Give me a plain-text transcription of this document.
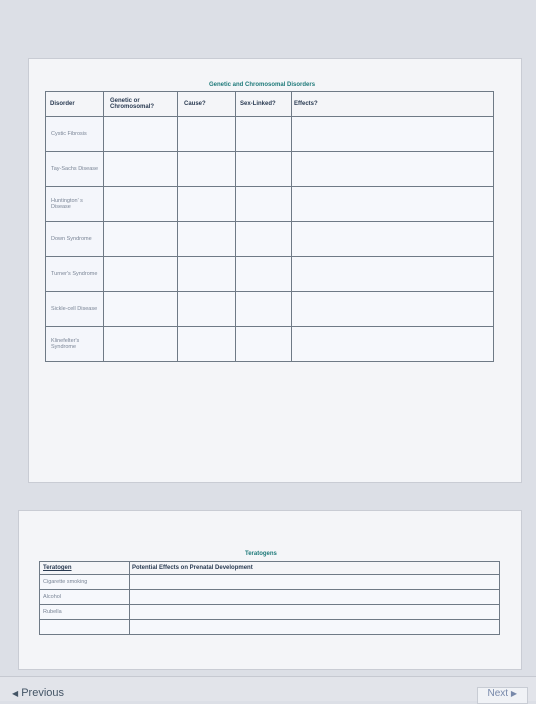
Genetic and Chromosomal Disorders
Disorder	Genetic or Chromosomal?	Cause?	Sex-Linked?	Effects?
Cystic Fibrosis				
Tay-Sachs Disease				
Huntington' s Disease				
Down Syndrome				
Turner's Syndrome				
Sickle-cell Disease				
Klinefelter's Syndrome				
Teratogens
Teratogen	Potential Effects on Prenatal Development
Cigarette smoking	
Alcohol	
Rubella	

◀ Previous	Next ▶
